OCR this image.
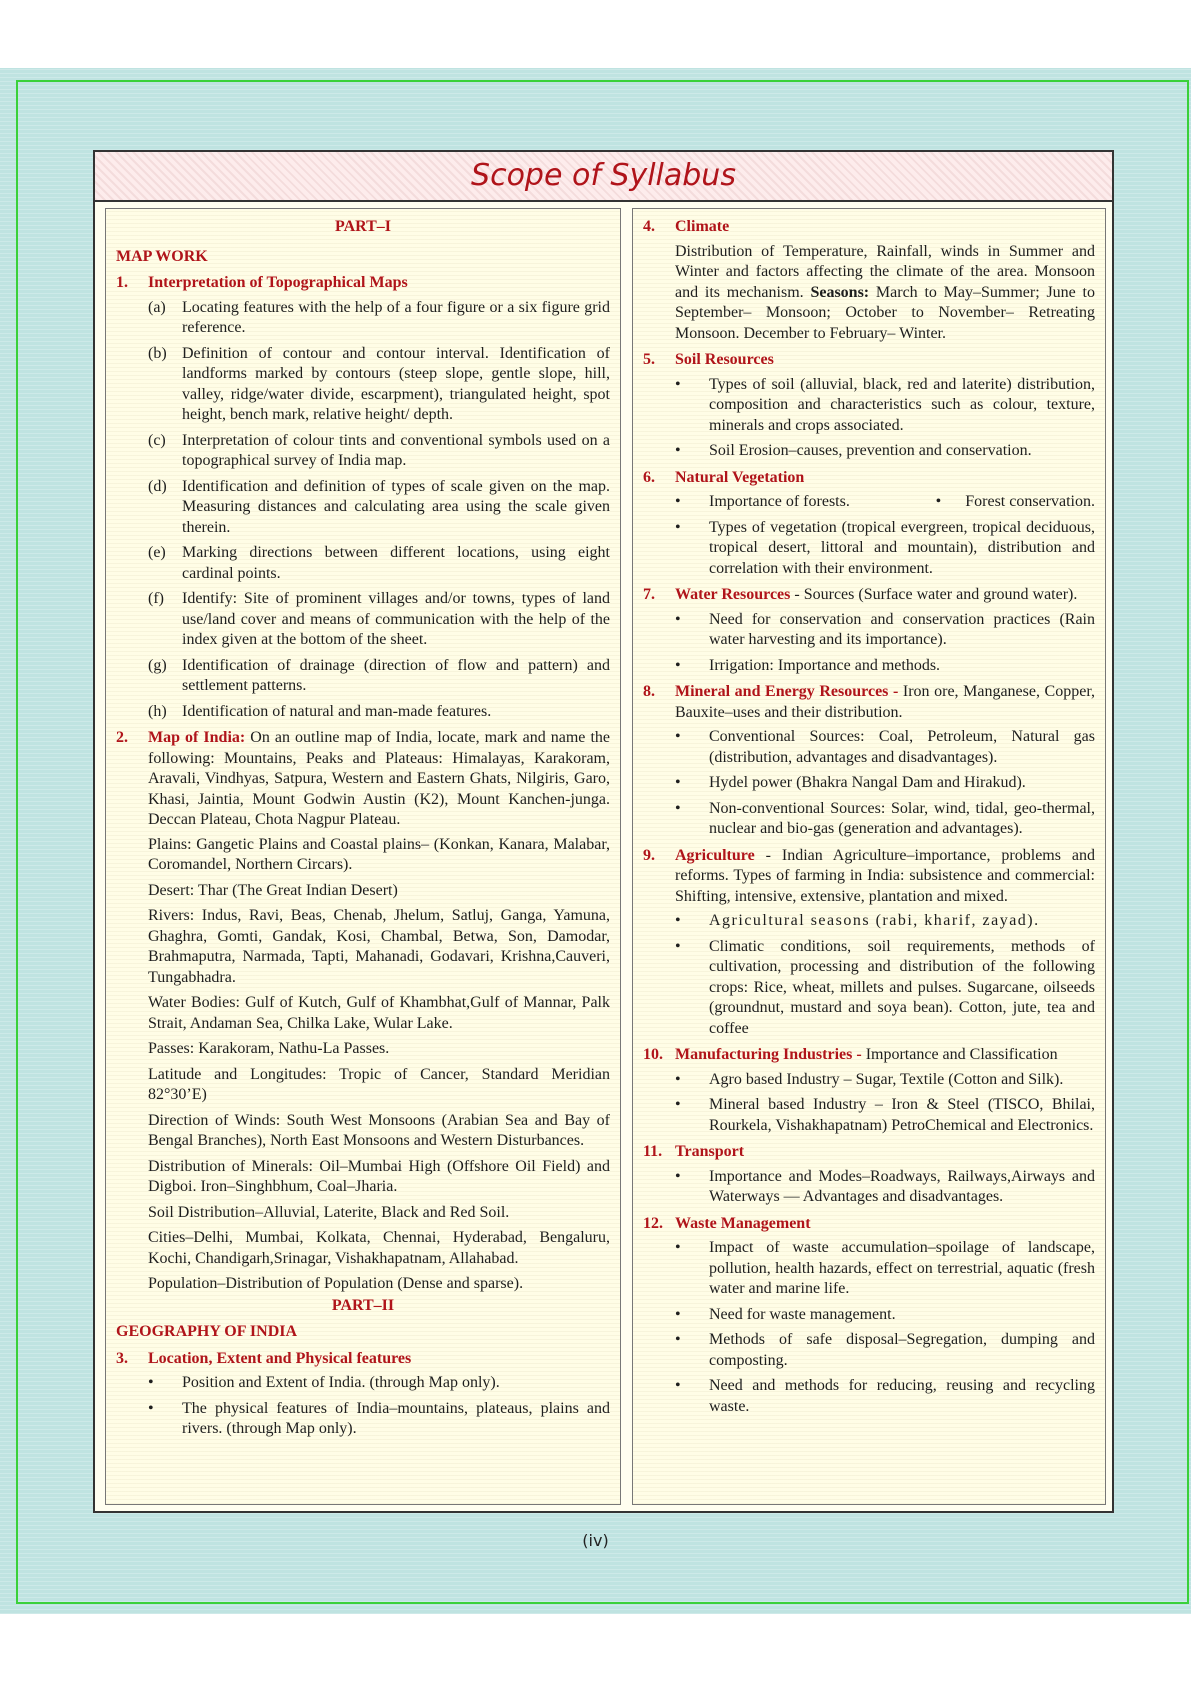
Scope of Syllabus
PART–I
MAP WORK
1. Interpretation of Topographical Maps
(a) Locating features with the help of a four figure or a six figure grid reference.
(b) Definition of contour and contour interval. Identification of landforms marked by contours (steep slope, gentle slope, hill, valley, ridge/water divide, escarpment), triangulated height, spot height, bench mark, relative height/ depth.
(c) Interpretation of colour tints and conventional symbols used on a topographical survey of India map.
(d) Identification and definition of types of scale given on the map. Measuring distances and calculating area using the scale given therein.
(e) Marking directions between different locations, using eight cardinal points.
(f) Identify: Site of prominent villages and/or towns, types of land use/land cover and means of communication with the help of the index given at the bottom of the sheet.
(g) Identification of drainage (direction of flow and pattern) and settlement patterns.
(h) Identification of natural and man-made features.
2. Map of India: On an outline map of India, locate, mark and name the following: Mountains, Peaks and Plateaus: Himalayas, Karakoram, Aravali, Vindhyas, Satpura, Western and Eastern Ghats, Nilgiris, Garo, Khasi, Jaintia, Mount Godwin Austin (K2), Mount Kanchen-junga. Deccan Plateau, Chota Nagpur Plateau.
Plains: Gangetic Plains and Coastal plains– (Konkan, Kanara, Malabar, Coromandel, Northern Circars).
Desert: Thar (The Great Indian Desert)
Rivers: Indus, Ravi, Beas, Chenab, Jhelum, Satluj, Ganga, Yamuna, Ghaghra, Gomti, Gandak, Kosi, Chambal, Betwa, Son, Damodar, Brahmaputra, Narmada, Tapti, Mahanadi, Godavari, Krishna,Cauveri, Tungabhadra.
Water Bodies: Gulf of Kutch, Gulf of Khambhat,Gulf of Mannar, Palk Strait, Andaman Sea, Chilka Lake, Wular Lake.
Passes: Karakoram, Nathu-La Passes.
Latitude and Longitudes: Tropic of Cancer, Standard Meridian 82°30’E)
Direction of Winds: South West Monsoons (Arabian Sea and Bay of Bengal Branches), North East Monsoons and Western Disturbances.
Distribution of Minerals: Oil–Mumbai High (Offshore Oil Field) and Digboi. Iron–Singhbhum, Coal–Jharia.
Soil Distribution–Alluvial, Laterite, Black and Red Soil.
Cities–Delhi, Mumbai, Kolkata, Chennai, Hyderabad, Bengaluru, Kochi, Chandigarh,Srinagar, Vishakhapatnam, Allahabad.
Population–Distribution of Population (Dense and sparse).
PART–II
GEOGRAPHY OF INDIA
3. Location, Extent and Physical features
• Position and Extent of India. (through Map only).
• The physical features of India–mountains, plateaus, plains and rivers. (through Map only).
4. Climate
Distribution of Temperature, Rainfall, winds in Summer and Winter and factors affecting the climate of the area. Monsoon and its mechanism. Seasons: March to May–Summer; June to September– Monsoon; October to November– Retreating Monsoon. December to February– Winter.
5. Soil Resources
• Types of soil (alluvial, black, red and laterite) distribution, composition and characteristics such as colour, texture, minerals and crops associated.
• Soil Erosion–causes, prevention and conservation.
6. Natural Vegetation
• Importance of forests.	•      Forest conservation.
• Types of vegetation (tropical evergreen, tropical deciduous, tropical desert, littoral and mountain), distribution and correlation with their environment.
7. Water Resources - Sources (Surface water and ground water).
• Need for conservation and conservation practices (Rain water harvesting and its importance).
• Irrigation: Importance and methods.
8. Mineral and Energy Resources - Iron ore, Manganese, Copper, Bauxite–uses and their distribution.
• Conventional Sources: Coal, Petroleum, Natural gas (distribution, advantages and disadvantages).
• Hydel power (Bhakra Nangal Dam and Hirakud).
• Non-conventional Sources: Solar, wind, tidal, geo-thermal, nuclear and bio-gas (generation and advantages).
9. Agriculture - Indian Agriculture–importance, problems and reforms. Types of farming in India: subsistence and commercial: Shifting, intensive, extensive, plantation and mixed.
• Agricultural seasons (rabi, kharif, zayad).
• Climatic conditions, soil requirements, methods of cultivation, processing and distribution of the following crops: Rice, wheat, millets and pulses. Sugarcane, oilseeds (groundnut, mustard and soya bean). Cotton, jute, tea and coffee
10. Manufacturing Industries - Importance and Classification
• Agro based Industry – Sugar, Textile (Cotton and Silk).
• Mineral based Industry – Iron & Steel (TISCO, Bhilai, Rourkela, Vishakhapatnam) PetroChemical and Electronics.
11. Transport
• Importance and Modes–Roadways, Railways,Airways and Waterways — Advantages and disadvantages.
12. Waste Management
• Impact of waste accumulation–spoilage of landscape, pollution, health hazards, effect on terrestrial, aquatic (fresh water and marine life.
• Need for waste management.
• Methods of safe disposal–Segregation, dumping and composting.
• Need and methods for reducing, reusing and recycling waste.
(iv)
